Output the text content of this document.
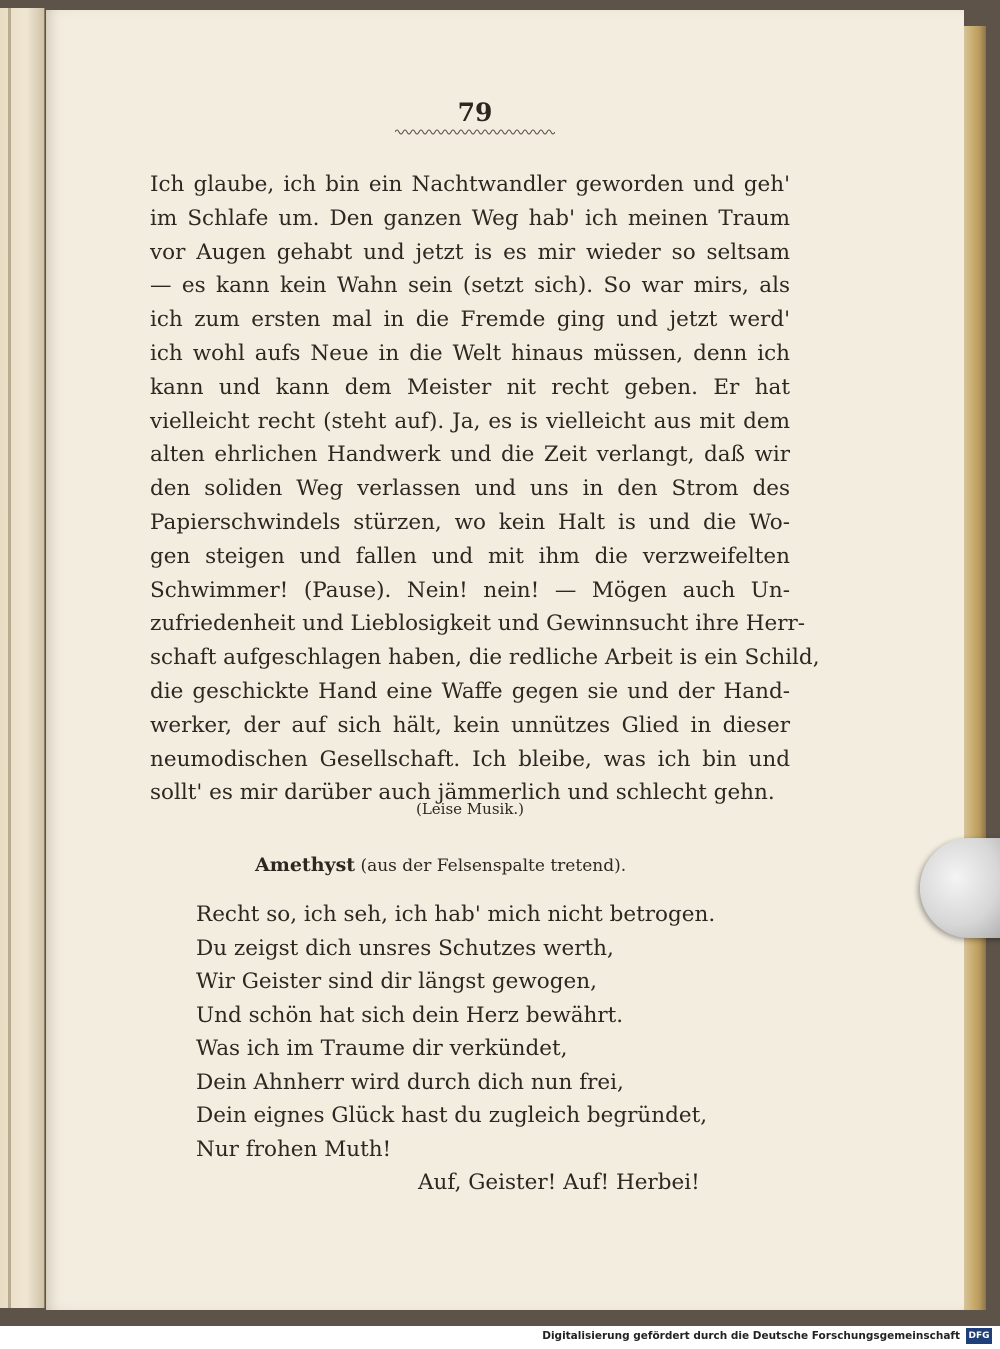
79
Ich glaube, ich bin ein Nachtwandler geworden und geh'
im Schlafe um. Den ganzen Weg hab' ich meinen Traum
vor Augen gehabt und jetzt is es mir wieder so seltsam
— es kann kein Wahn sein (setzt sich). So war mirs, als
ich zum ersten mal in die Fremde ging und jetzt werd'
ich wohl aufs Neue in die Welt hinaus müssen, denn ich
kann und kann dem Meister nit recht geben. Er hat
vielleicht recht (steht auf). Ja, es is vielleicht aus mit dem
alten ehrlichen Handwerk und die Zeit verlangt, daß wir
den soliden Weg verlassen und uns in den Strom des
Papierschwindels stürzen, wo kein Halt is und die Wo-
gen steigen und fallen und mit ihm die verzweifelten
Schwimmer! (Pause). Nein! nein! — Mögen auch Un-
zufriedenheit und Lieblosigkeit und Gewinnsucht ihre Herr-
schaft aufgeschlagen haben, die redliche Arbeit is ein Schild,
die geschickte Hand eine Waffe gegen sie und der Hand-
werker, der auf sich hält, kein unnützes Glied in dieser
neumodischen Gesellschaft. Ich bleibe, was ich bin und
sollt' es mir darüber auch jämmerlich und schlecht gehn.
(Leise Musik.)
Amethyst (aus der Felsenspalte tretend).
Recht so, ich seh, ich hab' mich nicht betrogen.
Du zeigst dich unsres Schutzes werth,
Wir Geister sind dir längst gewogen,
Und schön hat sich dein Herz bewährt.
Was ich im Traume dir verkündet,
Dein Ahnherr wird durch dich nun frei,
Dein eignes Glück hast du zugleich begründet,
Nur frohen Muth!
Auf, Geister! Auf! Herbei!
Digitalisierung gefördert durch die Deutsche Forschungsgemeinschaft DFG
